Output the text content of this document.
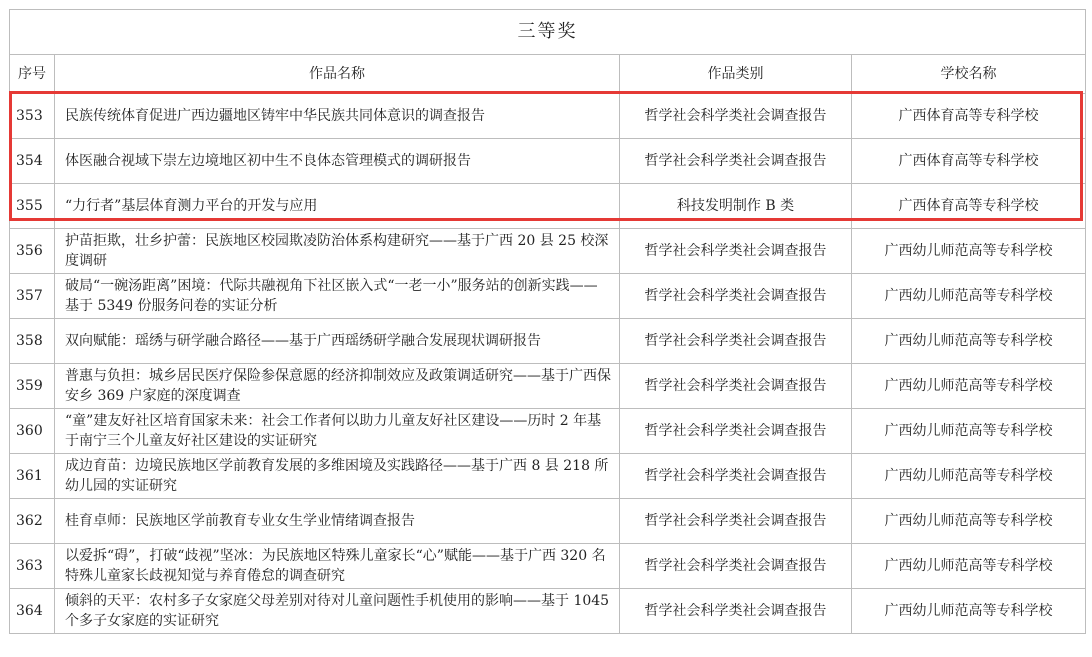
三等奖			
序号	作品名称	作品类别	学校名称
353	民族传统体育促进广西边疆地区铸牢中华民族共同体意识的调查报告	哲学社会科学类社会调查报告	广西体育高等专科学校
354	体医融合视域下崇左边境地区初中生不良体态管理模式的调研报告	哲学社会科学类社会调查报告	广西体育高等专科学校
355	“力行者”基层体育测力平台的开发与应用	科技发明制作 B 类	广西体育高等专科学校
356	护苗拒欺，壮乡护蕾：民族地区校园欺凌防治体系构建研究——基于广西 20 县 25 校深度调研	哲学社会科学类社会调查报告	广西幼儿师范高等专科学校
357	破局“一碗汤距离”困境：代际共融视角下社区嵌入式“一老一小”服务站的创新实践——基于 5349 份服务问卷的实证分析	哲学社会科学类社会调查报告	广西幼儿师范高等专科学校
358	双向赋能：瑶绣与研学融合路径——基于广西瑶绣研学融合发展现状调研报告	哲学社会科学类社会调查报告	广西幼儿师范高等专科学校
359	普惠与负担：城乡居民医疗保险参保意愿的经济抑制效应及政策调适研究——基于广西保安乡 369 户家庭的深度调查	哲学社会科学类社会调查报告	广西幼儿师范高等专科学校
360	“童”建友好社区培育国家未来：社会工作者何以助力儿童友好社区建设——历时 2 年基于南宁三个儿童友好社区建设的实证研究	哲学社会科学类社会调查报告	广西幼儿师范高等专科学校
361	成边育苗：边境民族地区学前教育发展的多维困境及实践路径——基于广西 8 县 218 所幼儿园的实证研究	哲学社会科学类社会调查报告	广西幼儿师范高等专科学校
362	桂育卓师：民族地区学前教育专业女生学业情绪调查报告	哲学社会科学类社会调查报告	广西幼儿师范高等专科学校
363	以爱拆“碍”，打破“歧视”坚冰：为民族地区特殊儿童家长“心”赋能——基于广西 320 名特殊儿童家长歧视知觉与养育倦怠的调查研究	哲学社会科学类社会调查报告	广西幼儿师范高等专科学校
364	倾斜的天平：农村多子女家庭父母差别对待对儿童问题性手机使用的影响——基于 1045 个多子女家庭的实证研究	哲学社会科学类社会调查报告	广西幼儿师范高等专科学校
